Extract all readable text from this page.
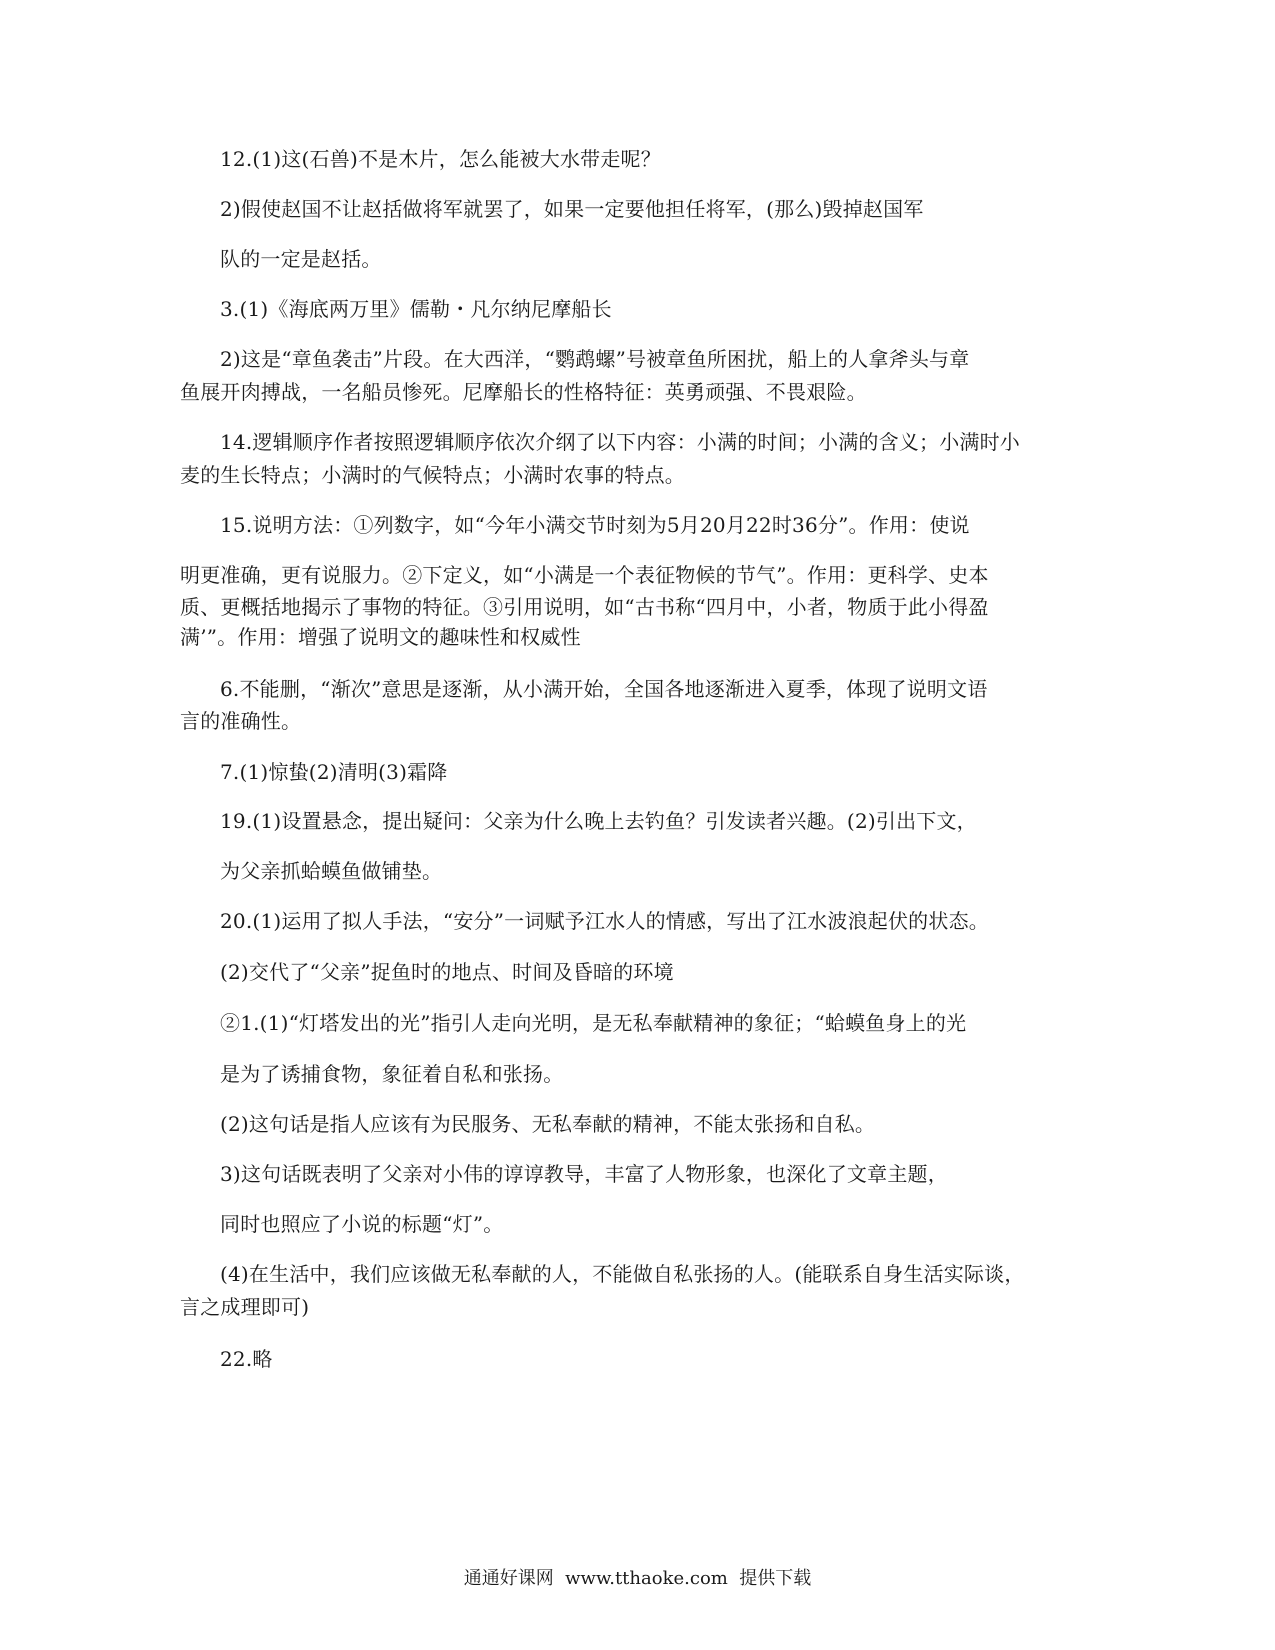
12.(1)这(石兽)不是木片，怎么能被大水带走呢？
2)假使赵国不让赵括做将军就罢了，如果一定要他担任将军，(那么)毁掉赵国军
队的一定是赵括。
3.(1)《海底两万里》儒勒・凡尔纳尼摩船长
2)这是“章鱼袭击”片段。在大西洋，“鹦鹉螺”号被章鱼所困扰，船上的人拿斧头与章
鱼展开肉搏战，一名船员惨死。尼摩船长的性格特征：英勇顽强、不畏艰险。
14.逻辑顺序作者按照逻辑顺序依次介纲了以下内容：小满的时间；小满的含义；小满时小
麦的生长特点；小满时的气候特点；小满时农事的特点。
15.说明方法：①列数字，如“今年小满交节时刻为5月20月22时36分”。作用：使说
明更准确，更有说服力。②下定义，如“小满是一个表征物候的节气”。作用：更科学、史本
质、更概括地揭示了事物的特征。③引用说明，如“古书称“四月中，小者，物质于此小得盈
满’”。作用：增强了说明文的趣味性和权威性
6.不能删，“渐次”意思是逐渐，从小满开始，全国各地逐渐进入夏季，体现了说明文语
言的准确性。
7.(1)惊蛰(2)清明(3)霜降
19.(1)设置悬念，提出疑问：父亲为什么晚上去钓鱼？引发读者兴趣。(2)引出下文，
为父亲抓蛤蟆鱼做铺垫。
20.(1)运用了拟人手法，“安分”一词赋予江水人的情感，写出了江水波浪起伏的状态。
(2)交代了“父亲”捉鱼时的地点、时间及昏暗的环境
②1.(1)“灯塔发出的光”指引人走向光明，是无私奉献精神的象征；“蛤蟆鱼身上的光
是为了诱捕食物，象征着自私和张扬。
(2)这句话是指人应该有为民服务、无私奉献的精神，不能太张扬和自私。
3)这句话既表明了父亲对小伟的谆谆教导，丰富了人物形象，也深化了文章主题，
同时也照应了小说的标题“灯”。
(4)在生活中，我们应该做无私奉献的人，不能做自私张扬的人。(能联系自身生活实际谈，
言之成理即可)
22.略
通通好课网  www.tthaoke.com  提供下载
